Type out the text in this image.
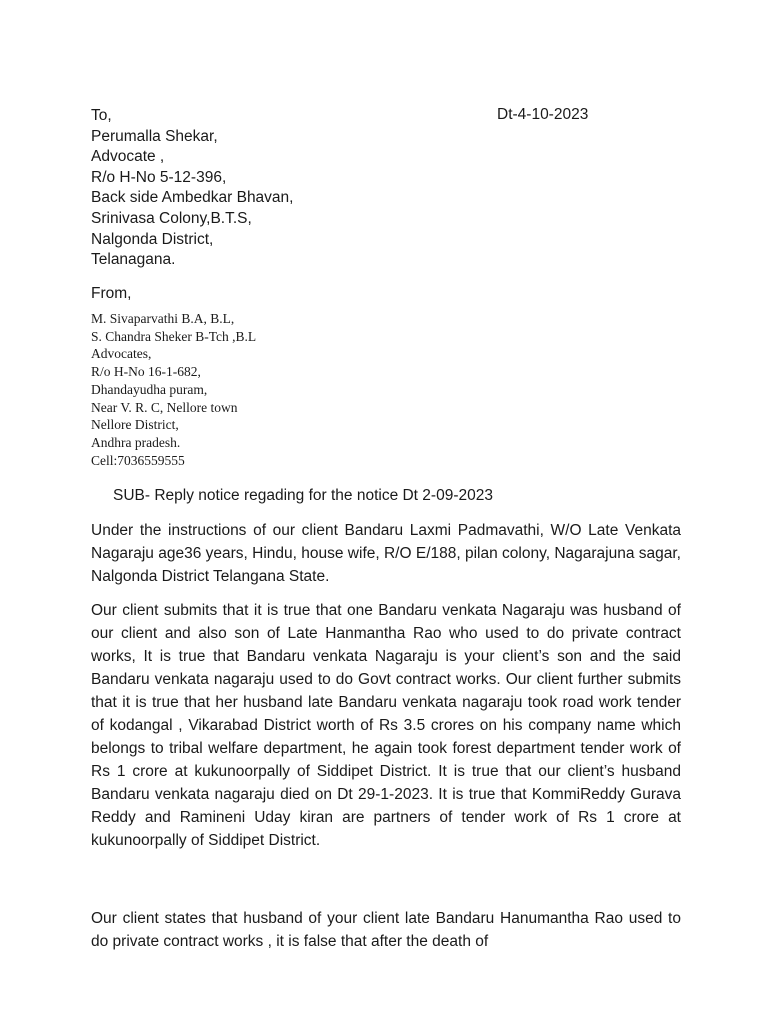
Dt-4-10-2023
To,
Perumalla Shekar,
Advocate ,
R/o H-No 5-12-396,
Back side Ambedkar Bhavan,
Srinivasa Colony,B.T.S,
Nalgonda District,
Telanagana.
From,
M. Sivaparvathi B.A, B.L,
S. Chandra Sheker B-Tch ,B.L
Advocates,
R/o H-No 16-1-682,
Dhandayudha puram,
Near V. R. C, Nellore town
Nellore District,
Andhra pradesh.
Cell:7036559555
SUB- Reply notice regading for the notice Dt 2-09-2023
Under the instructions of our client Bandaru Laxmi Padmavathi, W/O Late Venkata Nagaraju age36 years, Hindu, house wife, R/O E/188, pilan colony, Nagarajuna sagar, Nalgonda District Telangana State.
Our client submits that it is true that one Bandaru venkata Nagaraju was husband of our client and also son of Late Hanmantha Rao who used to do private contract works, It is true that Bandaru venkata Nagaraju is your client’s son and the said Bandaru venkata nagaraju used to do Govt contract works. Our client further submits that it is true that her husband late Bandaru venkata nagaraju took road work tender of kodangal , Vikarabad District worth of Rs 3.5 crores on his company name which belongs to tribal welfare department, he again took forest department tender work of Rs 1 crore at kukunoorpally of Siddipet District. It is true that our client’s husband Bandaru venkata nagaraju died on Dt 29-1-2023. It is true that KommiReddy Gurava Reddy and Ramineni Uday kiran are partners of tender work of Rs 1 crore at kukunoorpally of Siddipet District.
Our client states that husband of your client late Bandaru Hanumantha Rao used to do private contract works , it is false that after the death of
